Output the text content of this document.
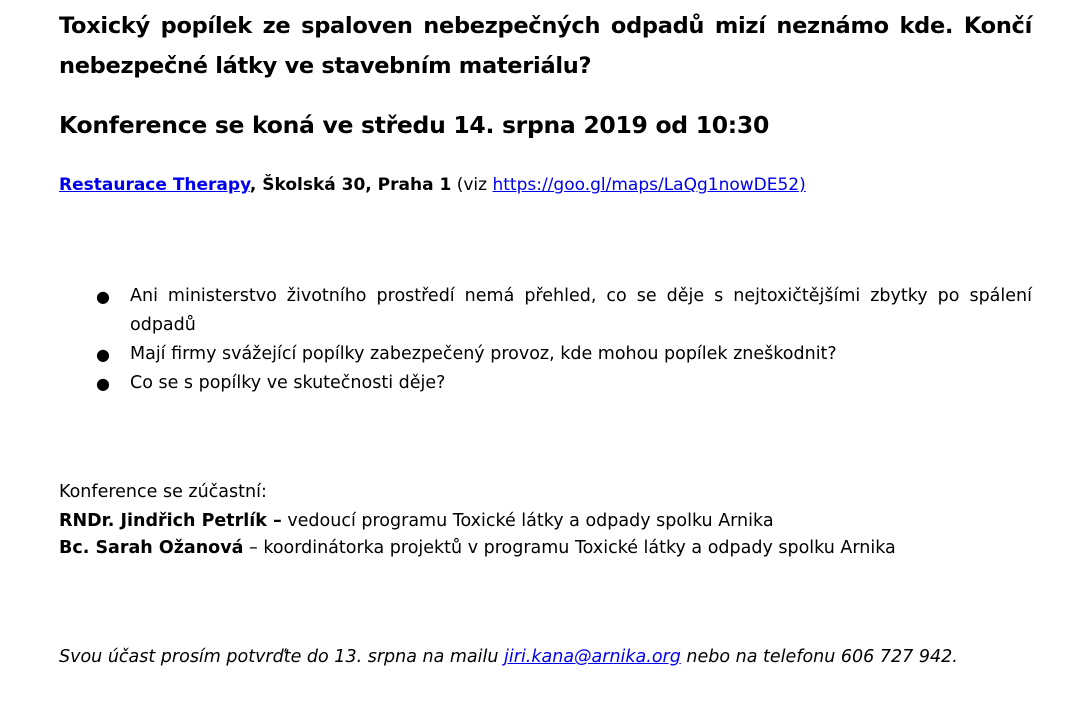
Toxický popílek ze spaloven nebezpečných odpadů mizí neznámo kde. Končí nebezpečné látky ve stavebním materiálu?
Konference se koná ve středu 14. srpna 2019 od 10:30
Restaurace Therapy, Školská 30, Praha 1 (viz https://goo.gl/maps/LaQg1nowDE52)
● Ani ministerstvo životního prostředí nemá přehled, co se děje s nejtoxičtějšími zbytky po spálení odpadů
● Mají firmy svážející popílky zabezpečený provoz, kde mohou popílek zneškodnit?
● Co se s popílky ve skutečnosti děje?
Konference se zúčastní:
RNDr. Jindřich Petrlík – vedoucí programu Toxické látky a odpady spolku Arnika
Bc. Sarah Ožanová – koordinátorka projektů v programu Toxické látky a odpady spolku Arnika
Svou účast prosím potvrďte do 13. srpna na mailu jiri.kana@arnika.org nebo na telefonu 606 727 942.
